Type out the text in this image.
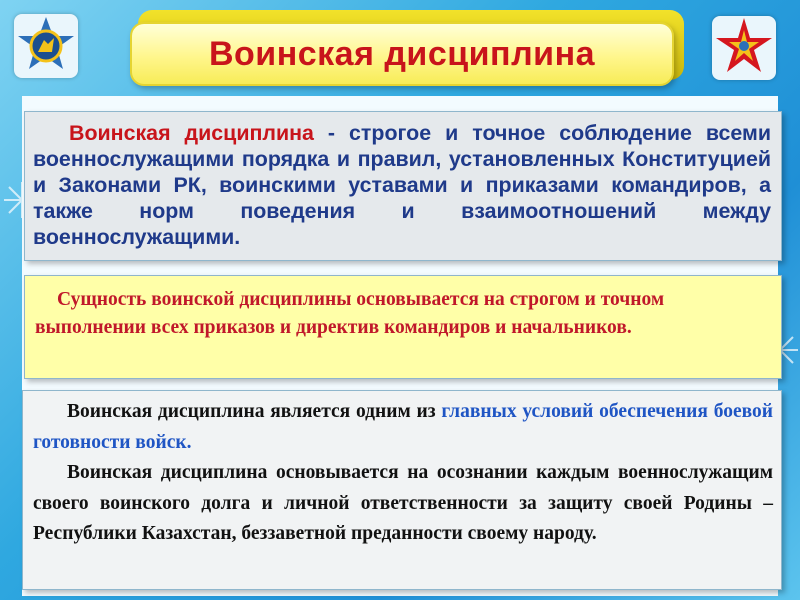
Воинская дисциплина

Воинская дисциплина - строгое и точное соблюдение всеми военнослужащими порядка и правил, установленных Конституцией и Законами РК, воинскими уставами и приказами командиров, а также норм поведения и взаимоотношений между военнослужащими.

Сущность воинской дисциплины основывается на строгом и точном выполнении всех приказов и директив командиров и начальников.

Воинская дисциплина является одним из главных условий обеспечения боевой готовности войск.

Воинская дисциплина основывается на осознании каждым военнослужащим своего воинского долга и личной ответственности за защиту своей Родины – Республики Казахстан, беззаветной преданности своему народу.
